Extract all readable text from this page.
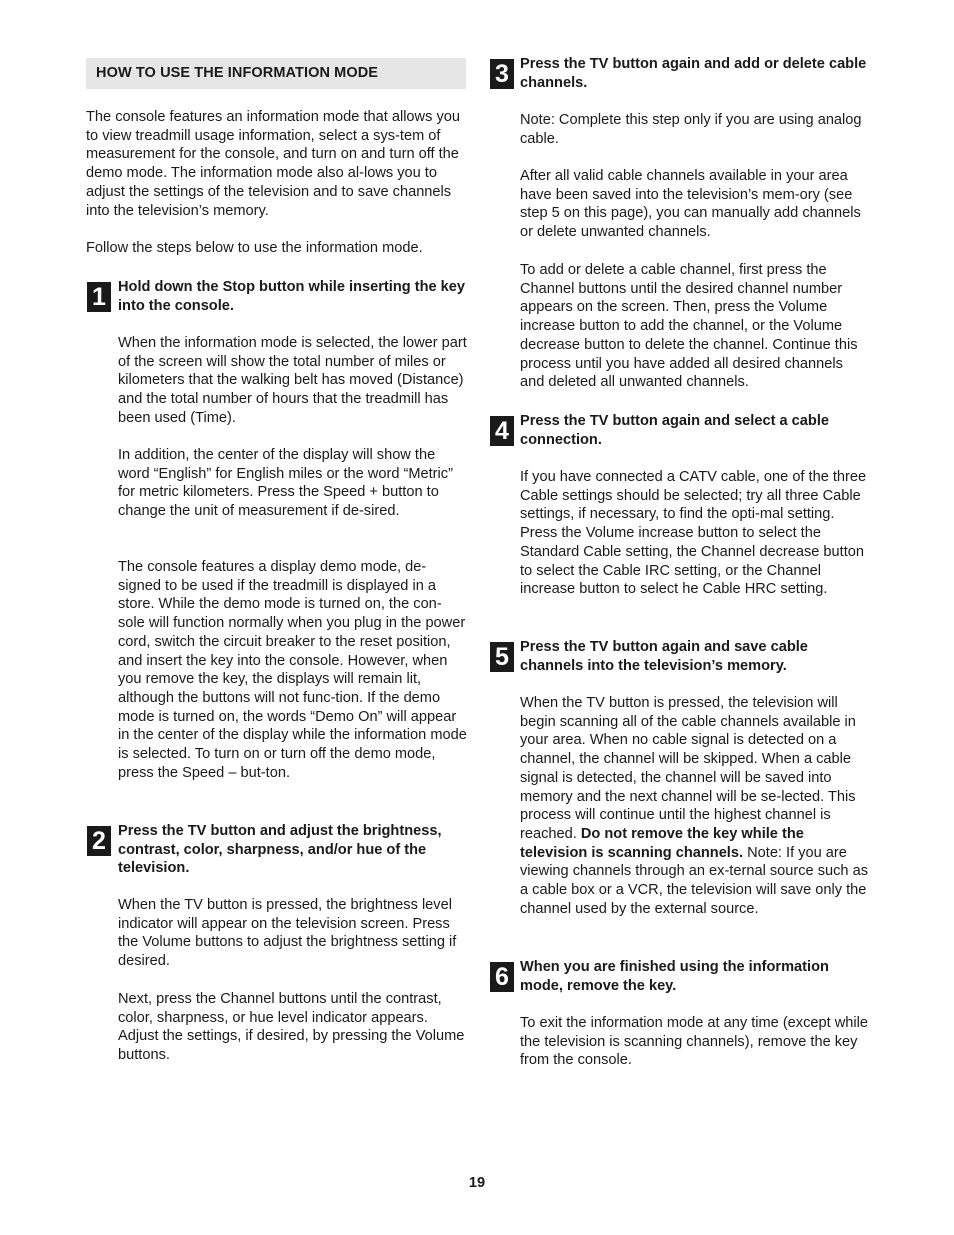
HOW TO USE THE INFORMATION MODE

The console features an information mode that allows you to view treadmill usage information, select a sys-tem of measurement for the console, and turn on and turn off the demo mode. The information mode also al-lows you to adjust the settings of the television and to save channels into the television’s memory.

Follow the steps below to use the information mode.

1 Hold down the Stop button while inserting the key into the console.

When the information mode is selected, the lower part of the screen will show the total number of miles or kilometers that the walking belt has moved (Distance) and the total number of hours that the treadmill has been used (Time).

In addition, the center of the display will show the word “English” for English miles or the word “Metric” for metric kilometers. Press the Speed + button to change the unit of measurement if de-sired.

The console features a display demo mode, de-signed to be used if the treadmill is displayed in a store. While the demo mode is turned on, the con-sole will function normally when you plug in the power cord, switch the circuit breaker to the reset position, and insert the key into the console. However, when you remove the key, the displays will remain lit, although the buttons will not func-tion. If the demo mode is turned on, the words “Demo On” will appear in the center of the display while the information mode is selected. To turn on or turn off the demo mode, press the Speed – but-ton.

2 Press the TV button and adjust the brightness, contrast, color, sharpness, and/or hue of the television.

When the TV button is pressed, the brightness level indicator will appear on the television screen. Press the Volume buttons to adjust the brightness setting if desired.

Next, press the Channel buttons until the contrast, color, sharpness, or hue level indicator appears. Adjust the settings, if desired, by pressing the Volume buttons.

3 Press the TV button again and add or delete cable channels.

Note: Complete this step only if you are using analog cable.

After all valid cable channels available in your area have been saved into the television’s mem-ory (see step 5 on this page), you can manually add channels or delete unwanted channels.

To add or delete a cable channel, first press the Channel buttons until the desired channel number appears on the screen. Then, press the Volume increase button to add the channel, or the Volume decrease button to delete the channel. Continue this process until you have added all desired channels and deleted all unwanted channels.

4 Press the TV button again and select a cable connection.

If you have connected a CATV cable, one of the three Cable settings should be selected; try all three Cable settings, if necessary, to find the opti-mal setting. Press the Volume increase button to select the Standard Cable setting, the Channel decrease button to select the Cable IRC setting, or the Channel increase button to select he Cable HRC setting.

5 Press the TV button again and save cable channels into the television’s memory.

When the TV button is pressed, the television will begin scanning all of the cable channels available in your area. When no cable signal is detected on a channel, the channel will be skipped. When a cable signal is detected, the channel will be saved into memory and the next channel will be se-lected. This process will continue until the highest channel is reached. Do not remove the key while the television is scanning channels. Note: If you are viewing channels through an ex-ternal source such as a cable box or a VCR, the television will save only the channel used by the external source.

6 When you are finished using the information mode, remove the key.

To exit the information mode at any time (except while the television is scanning channels), remove the key from the console.

19
